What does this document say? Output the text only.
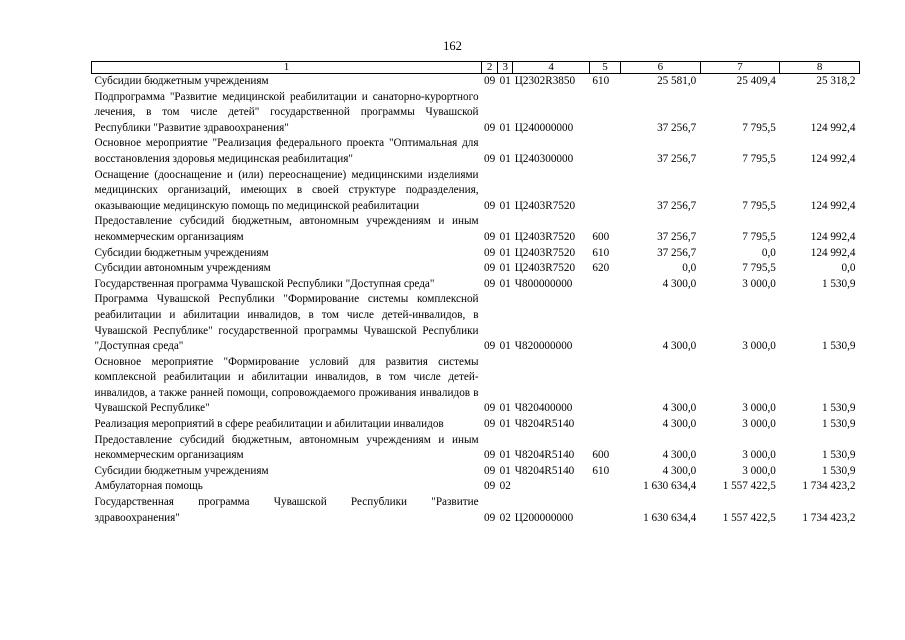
162
1	2	3	4	5	6	7	8
Субсидии бюджетным учреждениям	09	01	Ц2302R3850	610	25 581,0	25 409,4	25 318,2
Подпрограмма "Развитие медицинской реабилитации и санаторно-курортного лечения, в том числе детей" государственной программы Чувашской Республики "Развитие здравоохранения"	09	01	Ц240000000		37 256,7	7 795,5	124 992,4
Основное мероприятие "Реализация федерального проекта "Оптимальная для восстановления здоровья медицинская реабилитация"	09	01	Ц240300000		37 256,7	7 795,5	124 992,4
Оснащение (дооснащение и (или) переоснащение) медицинскими изделиями медицинских организаций, имеющих в своей структуре подразделения, оказывающие медицинскую помощь по медицинской реабилитации	09	01	Ц2403R7520		37 256,7	7 795,5	124 992,4
Предоставление субсидий бюджетным, автономным учреждениям и иным некоммерческим организациям	09	01	Ц2403R7520	600	37 256,7	7 795,5	124 992,4
Субсидии бюджетным учреждениям	09	01	Ц2403R7520	610	37 256,7	0,0	124 992,4
Субсидии автономным учреждениям	09	01	Ц2403R7520	620	0,0	7 795,5	0,0
Государственная программа Чувашской Республики "Доступная среда"	09	01	Ч800000000		4 300,0	3 000,0	1 530,9
Программа Чувашской Республики "Формирование системы комплексной реабилитации и абилитации инвалидов, в том числе детей-инвалидов, в Чувашской Республике" государственной программы Чувашской Республики "Доступная среда"	09	01	Ч820000000		4 300,0	3 000,0	1 530,9
Основное мероприятие "Формирование условий для развития системы комплексной реабилитации и абилитации инвалидов, в том числе детей-инвалидов, а также ранней помощи, сопровождаемого проживания инвалидов в Чувашской Республике"	09	01	Ч820400000		4 300,0	3 000,0	1 530,9
Реализация мероприятий в сфере реабилитации и абилитации инвалидов	09	01	Ч8204R5140		4 300,0	3 000,0	1 530,9
Предоставление субсидий бюджетным, автономным учреждениям и иным некоммерческим организациям	09	01	Ч8204R5140	600	4 300,0	3 000,0	1 530,9
Субсидии бюджетным учреждениям	09	01	Ч8204R5140	610	4 300,0	3 000,0	1 530,9
Амбулаторная помощь	09	02			1 630 634,4	1 557 422,5	1 734 423,2
Государственная программа Чувашской Республики "Развитие здравоохранения"	09	02	Ц200000000		1 630 634,4	1 557 422,5	1 734 423,2
